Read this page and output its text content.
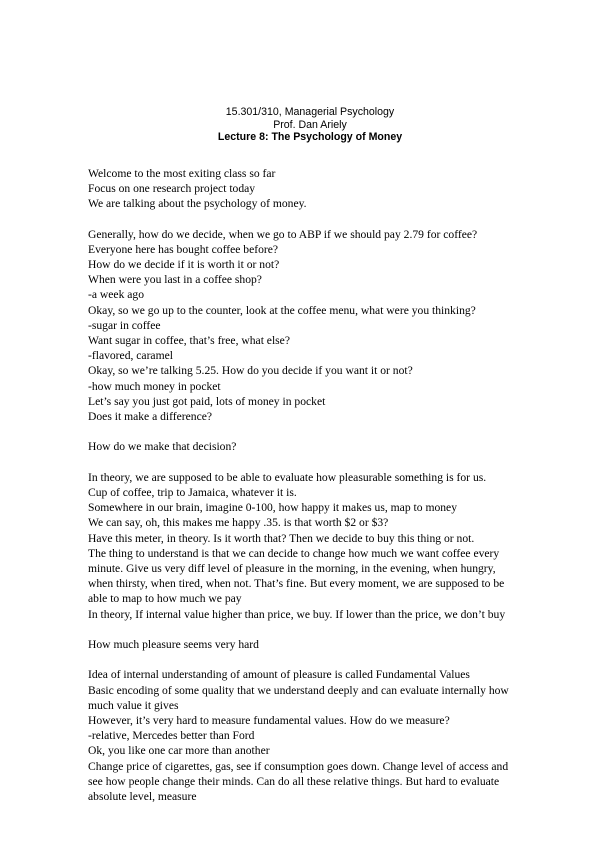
15.301/310, Managerial Psychology
Prof. Dan Ariely
Lecture 8: The Psychology of Money
Welcome to the most exiting class so far
Focus on one research project today
We are talking about the psychology of money.
Generally, how do we decide, when we go to ABP if we should pay 2.79 for coffee?
Everyone here has bought coffee before?
How do we decide if it is worth it or not?
When were you last in a coffee shop?
-a week ago
Okay, so we go up to the counter, look at the coffee menu, what were you thinking?
-sugar in coffee
Want sugar in coffee, that’s free, what else?
-flavored, caramel
Okay, so we’re talking 5.25. How do you decide if you want it or not?
-how much money in pocket
Let’s say you just got paid, lots of money in pocket
Does it make a difference?
How do we make that decision?
In theory, we are supposed to be able to evaluate how pleasurable something is for us.
Cup of coffee, trip to Jamaica, whatever it is.
Somewhere in our brain, imagine 0-100, how happy it makes us, map to money
We can say, oh, this makes me happy .35. is that worth $2 or $3?
Have this meter, in theory. Is it worth that? Then we decide to buy this thing or not.
The thing to understand is that we can decide to change how much we want coffee every minute. Give us very diff level of pleasure in the morning, in the evening, when hungry, when thirsty, when tired, when not. That’s fine. But every moment, we are supposed to be able to map to how much we pay
In theory, If internal value higher than price, we buy. If lower than the price, we don’t buy
How much pleasure seems very hard
Idea of internal understanding of amount of pleasure is called Fundamental Values
Basic encoding of some quality that we understand deeply and can evaluate internally how much value it gives
However, it’s very hard to measure fundamental values. How do we measure?
-relative, Mercedes better than Ford
Ok, you like one car more than another
Change price of cigarettes, gas, see if consumption goes down. Change level of access and see how people change their minds. Can do all these relative things. But hard to evaluate absolute level, measure
